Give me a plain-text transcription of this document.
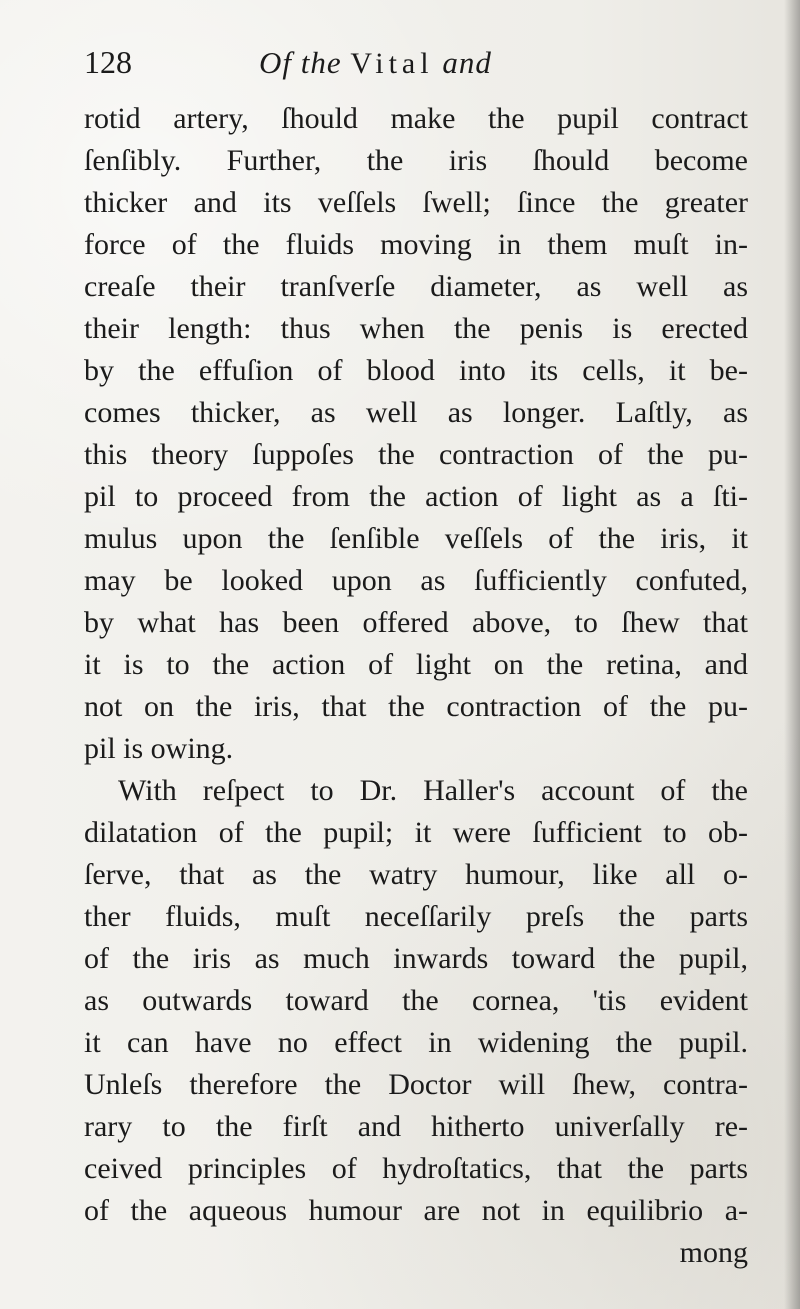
128	Of the Vital and
rotid artery, ſhould make the pupil contract
ſenſibly. Further, the iris ſhould become
thicker and its veſſels ſwell; ſince the greater
force of the fluids moving in them muſt in-
creaſe their tranſverſe diameter, as well as
their length: thus when the penis is erected
by the effuſion of blood into its cells, it be-
comes thicker, as well as longer. Laſtly, as
this theory ſuppoſes the contraction of the pu-
pil to proceed from the action of light as a ſti-
mulus upon the ſenſible veſſels of the iris, it
may be looked upon as ſufficiently confuted,
by what has been offered above, to ſhew that
it is to the action of light on the retina, and
not on the iris, that the contraction of the pu-
pil is owing.
With reſpect to Dr. Haller's account of the
dilatation of the pupil; it were ſufficient to ob-
ſerve, that as the watry humour, like all o-
ther fluids, muſt neceſſarily preſs the parts
of the iris as much inwards toward the pupil,
as outwards toward the cornea, 'tis evident
it can have no effect in widening the pupil.
Unleſs therefore the Doctor will ſhew, contra-
rary to the firſt and hitherto univerſally re-
ceived principles of hydroſtatics, that the parts
of the aqueous humour are not in equilibrio a-
mong
